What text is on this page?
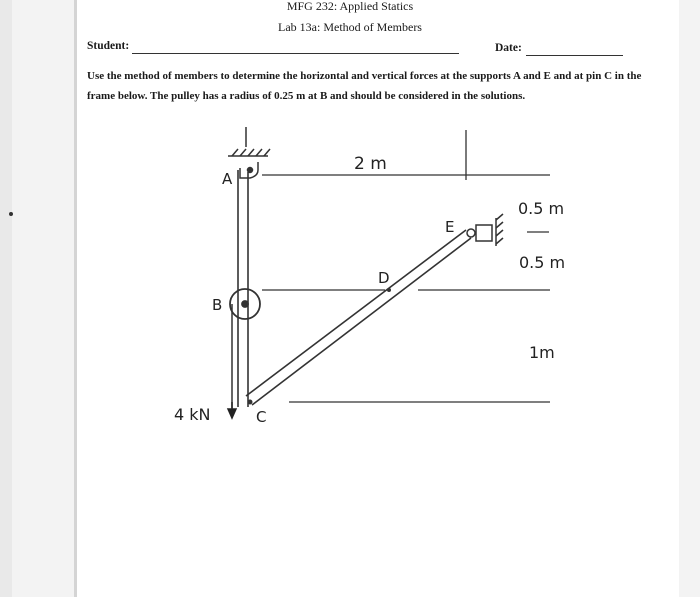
MFG 232: Applied Statics
Lab 13a: Method of Members
Student:	Date:
Use the method of members to determine the horizontal and vertical forces at the supports A and E and at pin C in the frame below. The pulley has a radius of 0.25 m at B and should be considered in the solutions.
A
B
C
D
E
2 m
0.5 m
0.5 m
1m
4 kN
